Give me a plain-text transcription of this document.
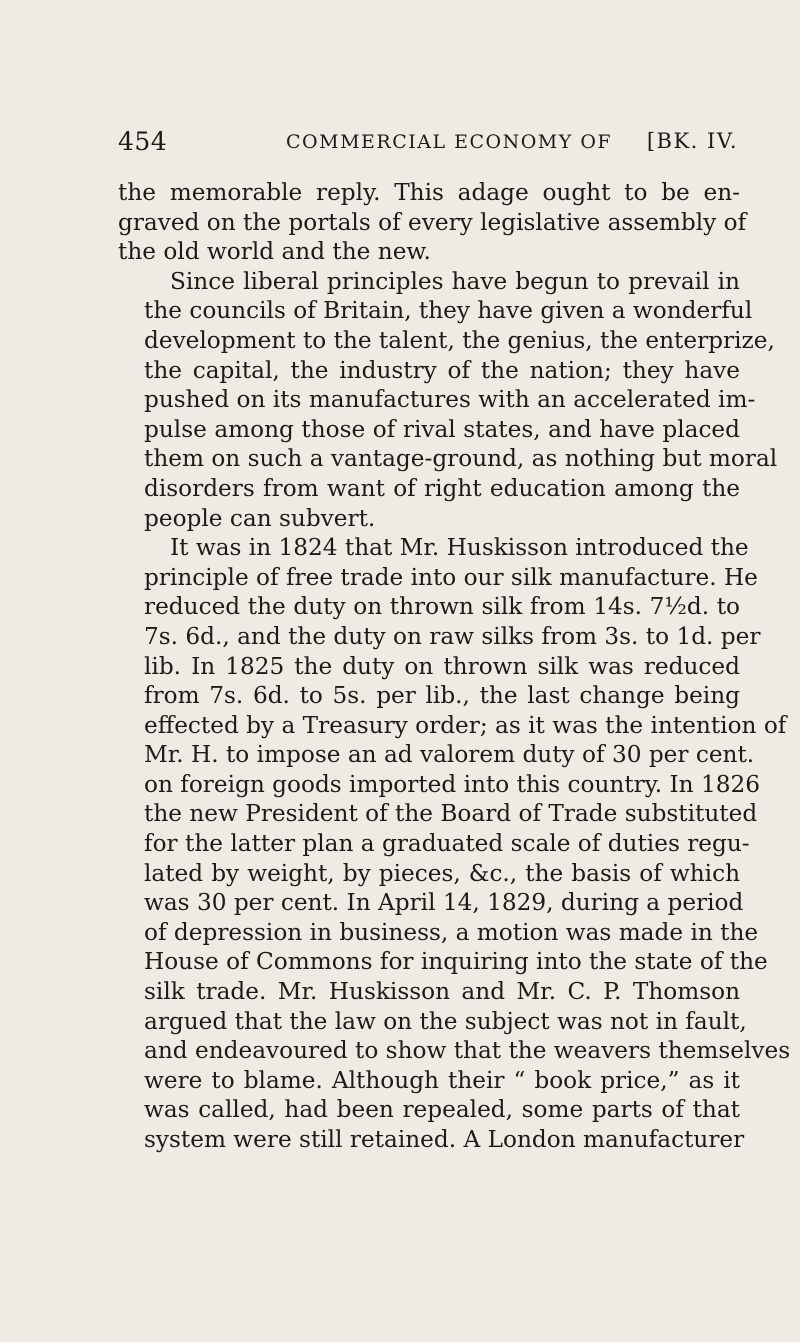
454	COMMERCIAL ECONOMY OF [BK. IV.

the memorable reply. This adage ought to be en-
graved on the portals of every legislative assembly of
the old world and the new.

Since liberal principles have begun to prevail in
the councils of Britain, they have given a wonderful
development to the talent, the genius, the enterprize,
the capital, the industry of the nation; they have
pushed on its manufactures with an accelerated im-
pulse among those of rival states, and have placed
them on such a vantage-ground, as nothing but moral
disorders from want of right education among the
people can subvert.

It was in 1824 that Mr. Huskisson introduced the
principle of free trade into our silk manufacture. He
reduced the duty on thrown silk from 14s. 7½d. to
7s. 6d., and the duty on raw silks from 3s. to 1d. per
lib. In 1825 the duty on thrown silk was reduced
from 7s. 6d. to 5s. per lib., the last change being
effected by a Treasury order; as it was the intention of
Mr. H. to impose an ad valorem duty of 30 per cent.
on foreign goods imported into this country. In 1826
the new President of the Board of Trade substituted
for the latter plan a graduated scale of duties regu-
lated by weight, by pieces, &c., the basis of which
was 30 per cent. In April 14, 1829, during a period
of depression in business, a motion was made in the
House of Commons for inquiring into the state of the
silk trade. Mr. Huskisson and Mr. C. P. Thomson
argued that the law on the subject was not in fault,
and endeavoured to show that the weavers themselves
were to blame. Although their “ book price,” as it
was called, had been repealed, some parts of that
system were still retained. A London manufacturer
